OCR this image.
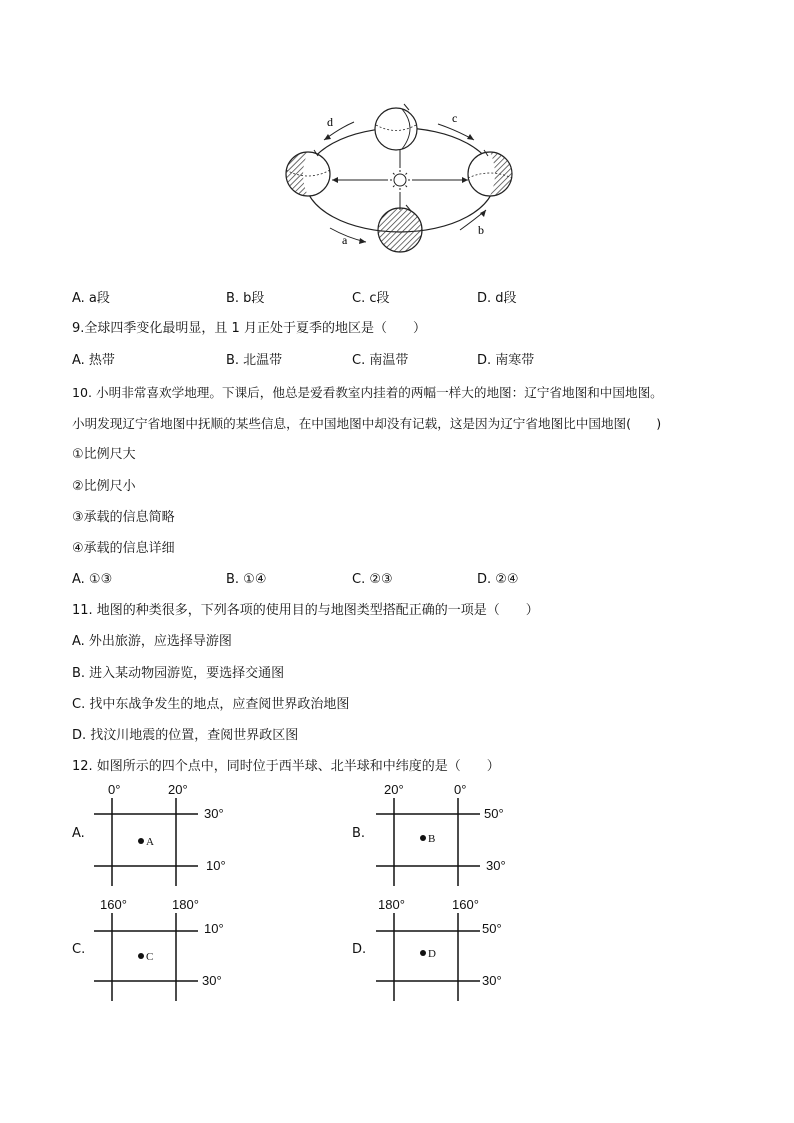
d	c
a
b
A. a段	B. b段	C. c段	D. d段
9.全球四季变化最明显，且 1 月正处于夏季的地区是（　　）
A. 热带	B. 北温带	C. 南温带	D. 南寒带
10. 小明非常喜欢学地理。下课后，他总是爱看教室内挂着的两幅一样大的地图：辽宁省地图和中国地图。
小明发现辽宁省地图中抚顺的某些信息，在中国地图中却没有记载，这是因为辽宁省地图比中国地图(　　)
①比例尺大
②比例尺小
③承载的信息简略
④承载的信息详细
A. ①③	B. ①④	C. ②③	D. ②④
11. 地图的种类很多，下列各项的使用目的与地图类型搭配正确的一项是（　　）
A. 外出旅游，应选择导游图
B. 进入某动物园游览，要选择交通图
C. 找中东战争发生的地点，应查阅世界政治地图
D. 找汶川地震的位置，查阅世界政区图
12. 如图所示的四个点中，同时位于西半球、北半球和中纬度的是（　　）
A.
A
0°	20°
30°
10°
B.	B
20°	0°
50°
30°
C.	C
160°	180°
10°
30°
D.	D
180°	160°
50°
30°
